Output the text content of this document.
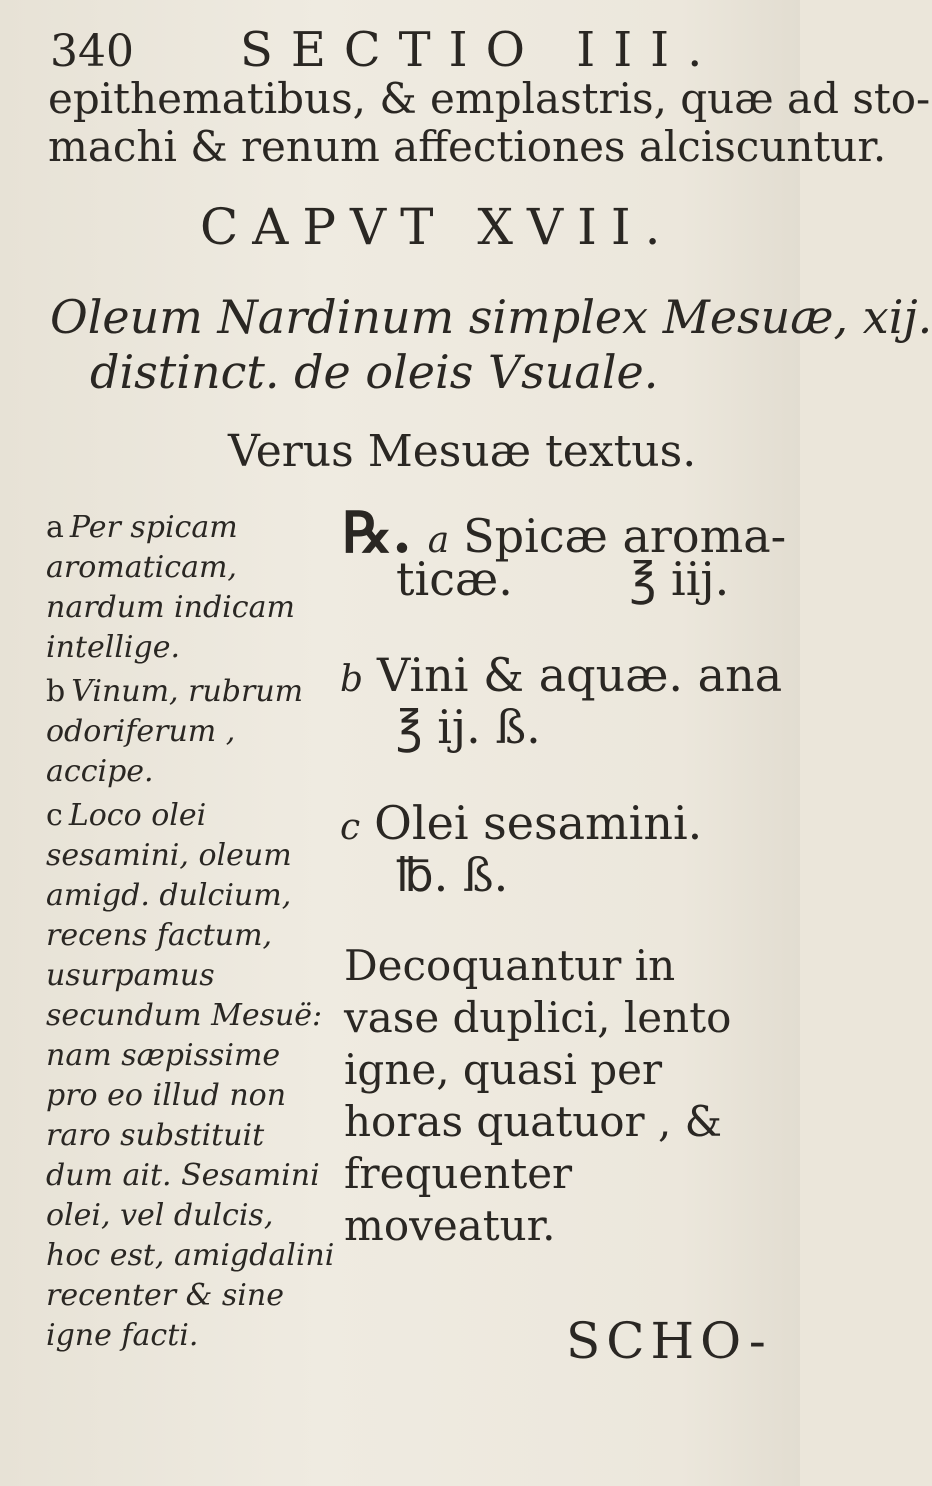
340 SECTIO III.
epithematibus, & emplastris, quæ ad sto-
machi & renum affectiones alciscuntur.
CAPVT XVII.
Oleum Nardinum simplex Mesuæ, xij.
distinct. de oleis Vsuale.
Verus Mesuæ textus.
a Per spicam aromaticam, nardum indicam intellige.
b Vinum, rubrum odoriferum , accipe.
c Loco olei sesamini, oleum amigd. dulcium, recens factum, usurpamus secundum Mesuë: nam sæpissime pro eo illud non raro substituit dum ait. Sesamini olei, vel dulcis, hoc est, amigdalini recenter & sine igne facti.
℞. a Spicæ aroma-
ticæ.        ℥ iij.
b Vini & aquæ. ana
℥ ij. ß.
c Olei sesamini.
℔. ß.
Decoquantur in vase duplici, lento igne, quasi per horas quatuor , & frequenter moveatur.
SCHO-
